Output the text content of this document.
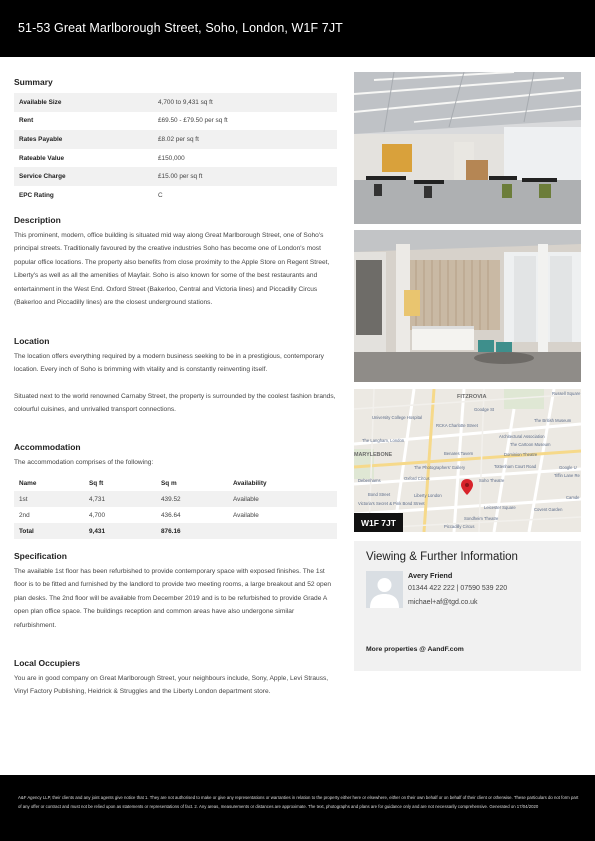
51-53 Great Marlborough Street, Soho, London, W1F 7JT
Summary
Available Size	4,700 to 9,431 sq ft
Rent	£69.50 - £79.50 per sq ft
Rates Payable	£8.02 per sq ft
Rateable Value	£150,000
Service Charge	£15.00 per sq ft
EPC Rating	C
Description

This prominent, modern, office building is situated mid way along Great Marlborough Street, one of Soho's principal streets. Traditionally favoured by the creative industries Soho has become one of London's most popular office locations. The property also benefits from close proximity to the Apple Store on Regent Street, Liberty's as well as all the amenities of Mayfair. Soho is also known for some of the best restaurants and entertainment in the West End. Oxford Street (Bakerloo, Central and Victoria lines) and Piccadilly Circus (Bakerloo and Piccadilly lines) are the closest underground stations.

Location

The location offers everything required by a modern business seeking to be in a prestigious, contemporary location. Every inch of Soho is brimming with vitality and is constantly reinventing itself.

Situated next to the world renowned Carnaby Street, the property is surrounded by the coolest fashion brands, colourful cuisines, and unrivalled transport connections.

Accommodation

The accommodation comprises of the following:

Name	Sq ft	Sq m	Availability
1st	4,731	439.52	Available
2nd	4,700	436.64	Available
Total	9,431	876.16	
Specification

The available 1st floor has been refurbished to provide contemporary space with exposed finishes. The 1st floor is to be fitted and furnished by the landlord to provide two meeting rooms, a large breakout and 52 open plan desks. The 2nd floor will be available from December 2019 and is to be refurbished to provide Grade A open plan office space. The buildings reception and common areas have also undergone similar refurbishment.

Local Occupiers

You are in good company on Great Marlborough Street, your neighbours include, Sony, Apple, Levi Strauss, Vinyl Factory Publishing, Heidrick & Struggles and the Liberty London department store.

FITZROVIA
Goodge St
University College Hospital
The British Museum
The Langham, London
Architectural Association
RCKA Charlotte Street
The Cartoon Museum
Benares Tavern	Dominion Theatre
The Photographers' Gallery	Tottenham Court Road
Oxford Circus
Liberty London
Soho Theatre
Debenhams
Bond Street
Victoria's Secret & Pink Bond Street
Covent Garden
Leicester Square
Sondheim Theatre
Piccadilly Circus
Russell Square
MARYLEBONE
Google U
Tiffin Lane Re
Camde
W1F 7JT
Viewing & Further Information
Avery Friend
01344 422 222 | 07590 539 220
michael+af@tgd.co.uk
More properties @ AandF.com

A&F Agency LLP, their clients and any joint agents give notice that 1. They are not authorised to make or give any representations or warranties in relation to the property either here or elsewhere, either on their own behalf or on behalf of their client or otherwise. These particulars do not form part of any offer or contract and must not be relied upon as statements or representations of fact. 2. Any areas, measurements or distances are approximate. The text, photographs and plans are for guidance only and are not necessarily comprehensive. Generated on 17/04/2020
